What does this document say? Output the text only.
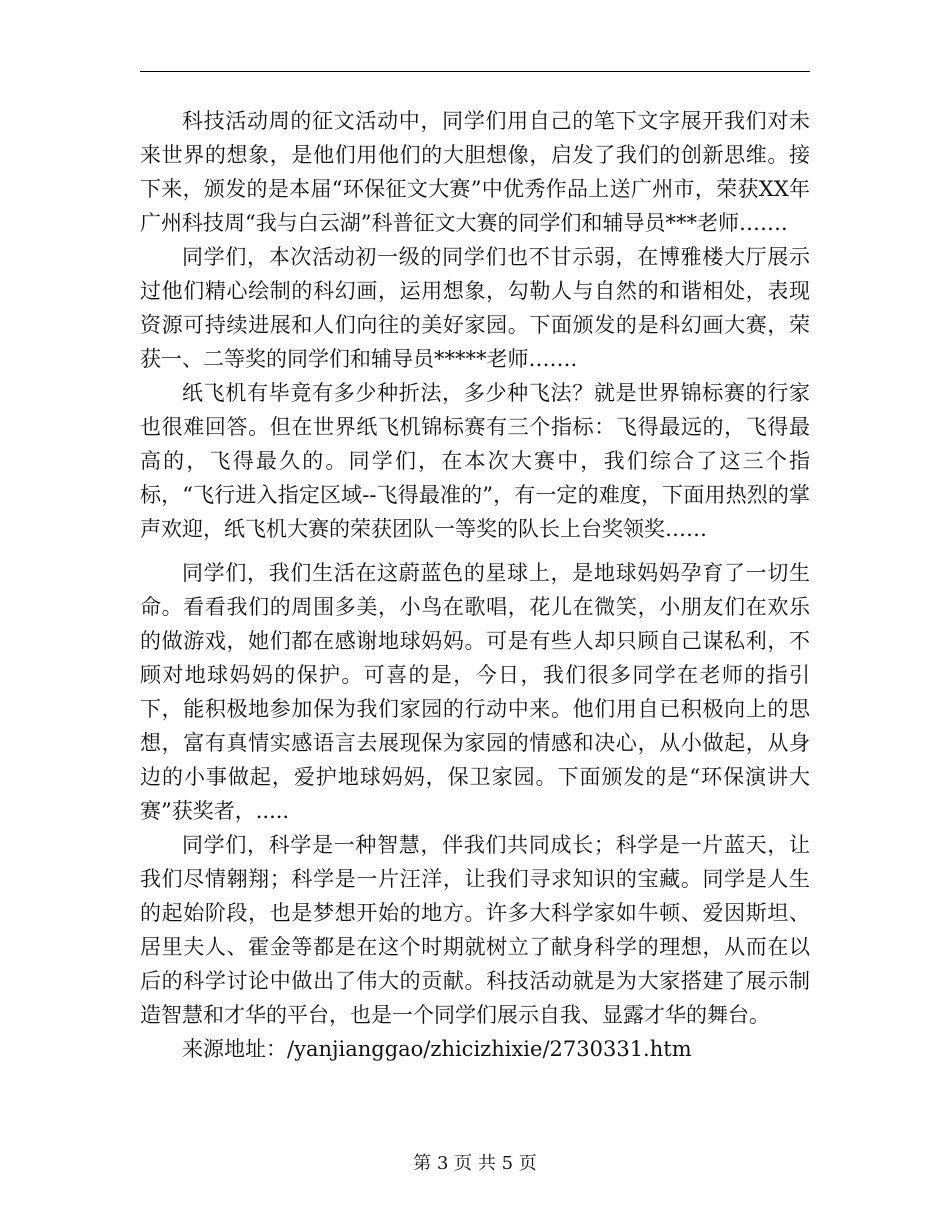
科技活动周的征文活动中，同学们用自己的笔下文字展开我们对未来世界的想象，是他们用他们的大胆想像，启发了我们的创新思维。接下来，颁发的是本届“环保征文大赛”中优秀作品上送广州市，荣获XX年广州科技周“我与白云湖”科普征文大赛的同学们和辅导员***老师…….

同学们，本次活动初一级的同学们也不甘示弱，在博雅楼大厅展示过他们精心绘制的科幻画，运用想象，勾勒人与自然的和谐相处，表现资源可持续进展和人们向往的美好家园。下面颁发的是科幻画大赛，荣获一、二等奖的同学们和辅导员*****老师…….

纸飞机有毕竟有多少种折法，多少种飞法？就是世界锦标赛的行家也很难回答。但在世界纸飞机锦标赛有三个指标：飞得最远的，飞得最高的，飞得最久的。同学们，在本次大赛中，我们综合了这三个指标，“飞行进入指定区域--飞得最准的”，有一定的难度，下面用热烈的掌声欢迎，纸飞机大赛的荣获团队一等奖的队长上台奖领奖……

同学们，我们生活在这蔚蓝色的星球上，是地球妈妈孕育了一切生命。看看我们的周围多美，小鸟在歌唱，花儿在微笑，小朋友们在欢乐的做游戏，她们都在感谢地球妈妈。可是有些人却只顾自己谋私利，不顾对地球妈妈的保护。可喜的是，今日，我们很多同学在老师的指引下，能积极地参加保为我们家园的行动中来。他们用自已积极向上的思想，富有真情实感语言去展现保为家园的情感和决心，从小做起，从身边的小事做起，爱护地球妈妈，保卫家园。下面颁发的是“环保演讲大赛”获奖者，.....

同学们，科学是一种智慧，伴我们共同成长；科学是一片蓝天，让我们尽情翱翔；科学是一片汪洋，让我们寻求知识的宝藏。同学是人生的起始阶段，也是梦想开始的地方。许多大科学家如牛顿、爱因斯坦、居里夫人、霍金等都是在这个时期就树立了献身科学的理想，从而在以后的科学讨论中做出了伟大的贡献。科技活动就是为大家搭建了展示制造智慧和才华的平台，也是一个同学们展示自我、显露才华的舞台。

来源地址：/yanjianggao/zhicizhixie/2730331.htm

第 3 页 共 5 页
